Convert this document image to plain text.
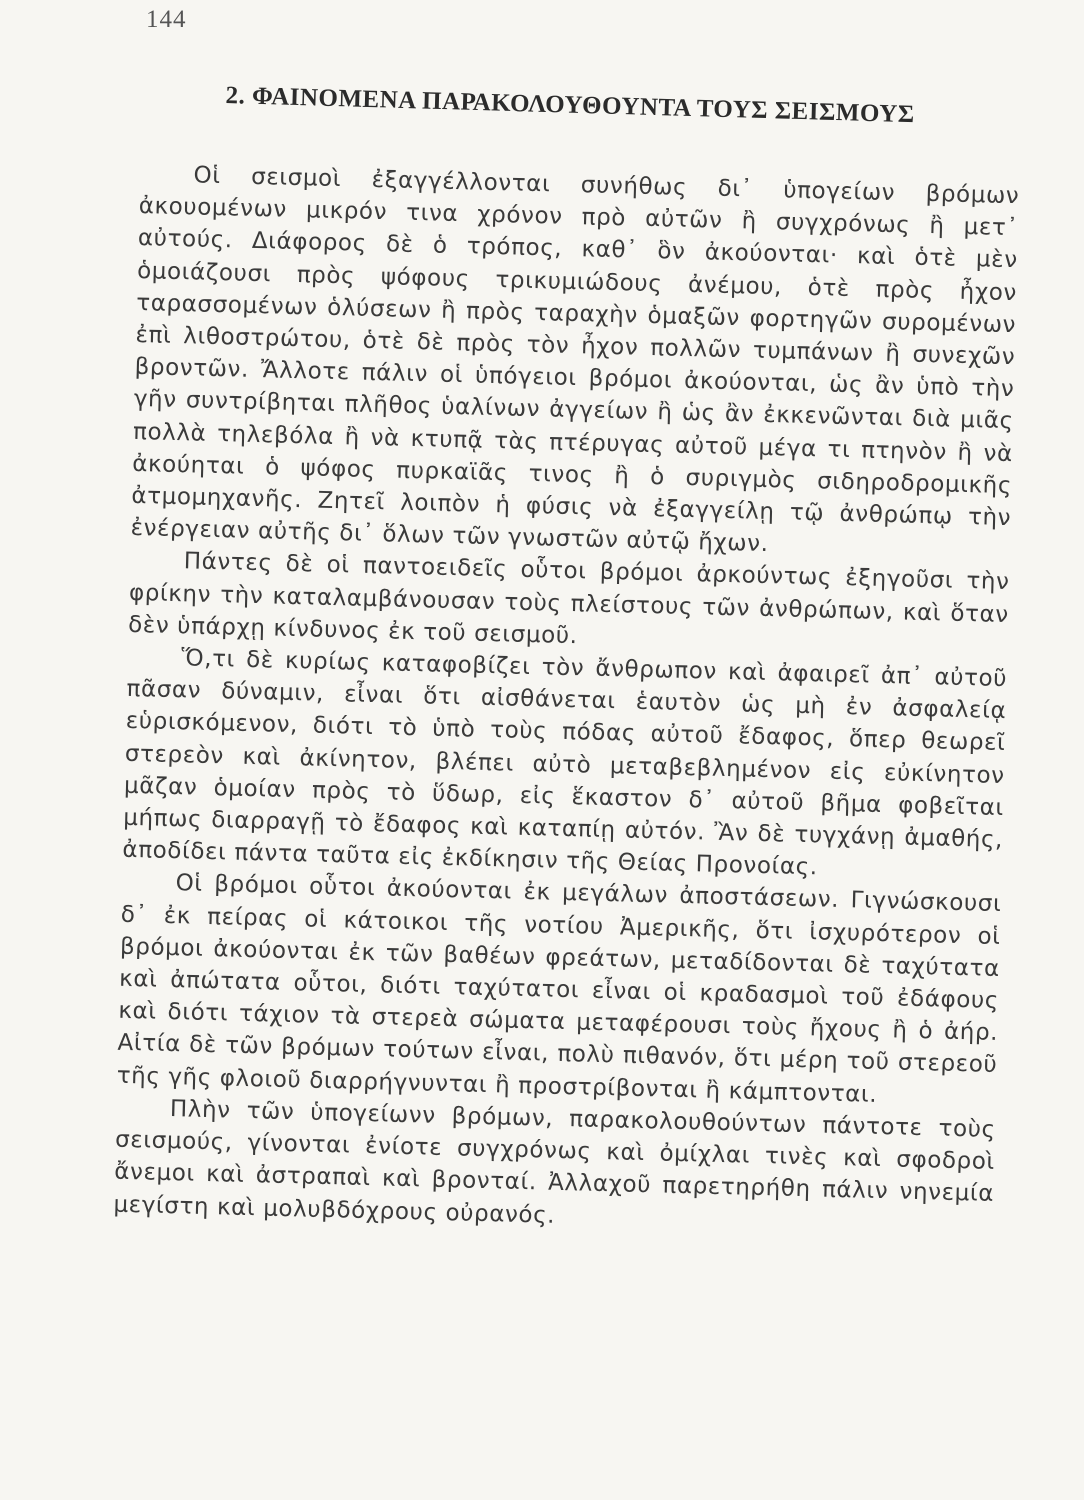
144
2. ΦΑΙΝΟΜΕΝΑ ΠΑΡΑΚΟΛΟΥΘΟΥΝΤΑ ΤΟΥΣ ΣΕΙΣΜΟΥΣ

Οἱ σεισμοὶ ἐξαγγέλλονται συνήθως δι᾿ ὑπογείων βρόμων ἀκουομένων μικρόν τινα χρόνον πρὸ αὐτῶν ἢ συγχρόνως ἢ μετ᾿ αὐτούς. Διάφορος δὲ ὁ τρόπος, καθ᾿ ὃν ἀκούονται· καὶ ὁτὲ μὲν ὁμοιάζουσι πρὸς ψόφους τρικυμιώδους ἀνέμου, ὁτὲ πρὸς ἦχον ταρασσομένων ὁλύσεων ἢ πρὸς ταραχὴν ὁμαξῶν φορτηγῶν συρομένων ἐπὶ λιθοστρώτου, ὁτὲ δὲ πρὸς τὸν ἦχον πολλῶν τυμπάνων ἢ συνεχῶν βροντῶν. Ἄλλοτε πάλιν οἱ ὑπόγειοι βρόμοι ἀκούονται, ὡς ἂν ὑπὸ τὴν γῆν συντρίβηται πλῆθος ὑαλίνων ἀγγείων ἢ ὡς ἂν ἐκκενῶνται διὰ μιᾶς πολλὰ τηλεβόλα ἢ νὰ κτυπᾷ τὰς πτέρυγας αὐτοῦ μέγα τι πτηνὸν ἢ νὰ ἀκούηται ὁ ψόφος πυρκαϊᾶς τινος ἢ ὁ συριγμὸς σιδηροδρομικῆς ἀτμομηχανῆς. Ζητεῖ λοιπὸν ἡ φύσις νὰ ἐξαγγείλῃ τῷ ἀνθρώπῳ τὴν ἐνέργειαν αὐτῆς δι᾿ ὅλων τῶν γνωστῶν αὐτῷ ἤχων.

Πάντες δὲ οἱ παντοειδεῖς οὗτοι βρόμοι ἀρκούντως ἐξηγοῦσι τὴν φρίκην τὴν καταλαμβάνουσαν τοὺς πλείστους τῶν ἀνθρώπων, καὶ ὅταν δὲν ὑπάρχῃ κίνδυνος ἐκ τοῦ σεισμοῦ.

Ὅ,τι δὲ κυρίως καταφοβίζει τὸν ἄνθρωπον καὶ ἀφαιρεῖ ἀπ᾿ αὐτοῦ πᾶσαν δύναμιν, εἶναι ὅτι αἰσθάνεται ἑαυτὸν ὡς μὴ ἐν ἀσφαλείᾳ εὑρισκόμενον, διότι τὸ ὑπὸ τοὺς πόδας αὐτοῦ ἔδαφος, ὅπερ θεωρεῖ στερεὸν καὶ ἀκίνητον, βλέπει αὐτὸ μεταβεβλημένον εἰς εὐκίνητον μᾶζαν ὁμοίαν πρὸς τὸ ὕδωρ, εἰς ἕκαστον δ᾿ αὐτοῦ βῆμα φοβεῖται μήπως διαρραγῇ τὸ ἔδαφος καὶ καταπίῃ αὐτόν. Ἂν δὲ τυγχάνῃ ἀμαθής, ἀποδίδει πάντα ταῦτα εἰς ἐκδίκησιν τῆς Θείας Προνοίας.

Οἱ βρόμοι οὗτοι ἀκούονται ἐκ μεγάλων ἀποστάσεων. Γιγνώσκουσι δ᾿ ἐκ πείρας οἱ κάτοικοι τῆς νοτίου Ἀμερικῆς, ὅτι ἰσχυρότερον οἱ βρόμοι ἀκούονται ἐκ τῶν βαθέων φρεάτων, μεταδίδονται δὲ ταχύτατα καὶ ἀπώτατα οὗτοι, διότι ταχύτατοι εἶναι οἱ κραδασμοὶ τοῦ ἐδάφους καὶ διότι τάχιον τὰ στερεὰ σώματα μεταφέρουσι τοὺς ἤχους ἢ ὁ ἀήρ. Αἰτία δὲ τῶν βρόμων τούτων εἶναι, πολὺ πιθανόν, ὅτι μέρη τοῦ στερεοῦ τῆς γῆς φλοιοῦ διαρρήγνυνται ἢ προστρίβονται ἢ κάμπτονται.

Πλὴν τῶν ὑπογείωνν βρόμων, παρακολουθούντων πάντοτε τοὺς σεισμούς, γίνονται ἐνίοτε συγχρόνως καὶ ὀμίχλαι τινὲς καὶ σφοδροὶ ἄνεμοι καὶ ἀστραπαὶ καὶ βρονταί. Ἀλλαχοῦ παρετηρήθη πάλιν νηνεμία μεγίστη καὶ μολυβδόχρους οὐρανός.
